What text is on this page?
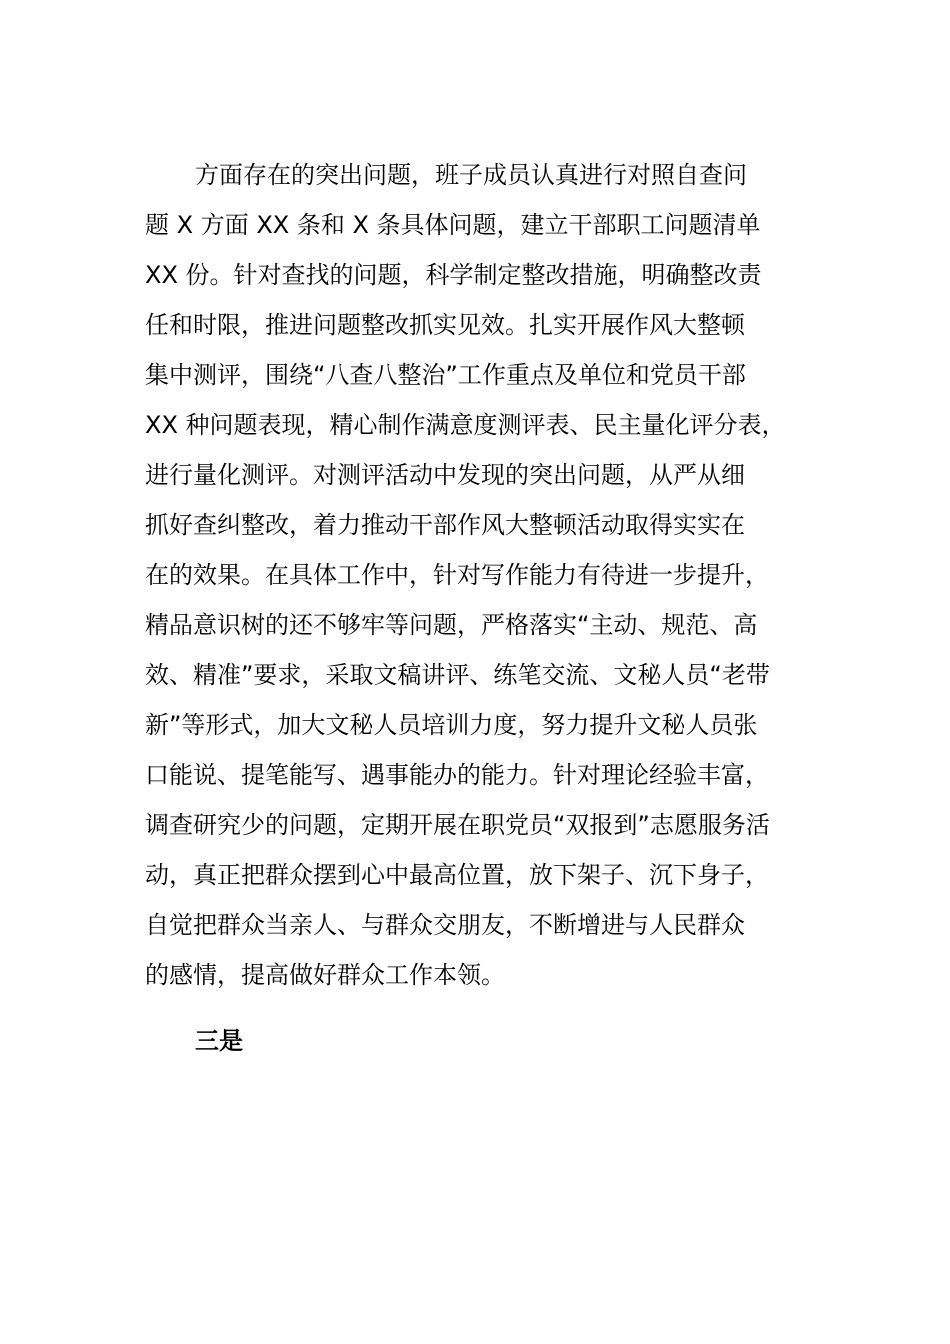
方面存在的突出问题，班子成员认真进行对照自查问
题 X 方面 XX 条和 X 条具体问题，建立干部职工问题清单
XX 份。针对查找的问题，科学制定整改措施，明确整改责
任和时限，推进问题整改抓实见效。扎实开展作风大整顿
集中测评，围绕“八查八整治”工作重点及单位和党员干部
XX 种问题表现，精心制作满意度测评表、民主量化评分表，
进行量化测评。对测评活动中发现的突出问题，从严从细
抓好查纠整改，着力推动干部作风大整顿活动取得实实在
在的效果。在具体工作中，针对写作能力有待进一步提升，
精品意识树的还不够牢等问题，严格落实“主动、规范、高
效、精准”要求，采取文稿讲评、练笔交流、文秘人员“老带
新”等形式，加大文秘人员培训力度，努力提升文秘人员张
口能说、提笔能写、遇事能办的能力。针对理论经验丰富，
调查研究少的问题，定期开展在职党员“双报到”志愿服务活
动，真正把群众摆到心中最高位置，放下架子、沉下身子，
自觉把群众当亲人、与群众交朋友，不断增进与人民群众
的感情，提高做好群众工作本领。
三是
